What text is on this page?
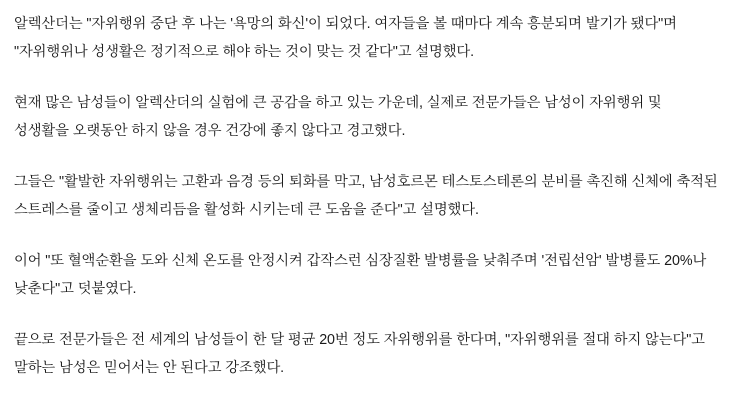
알렉산더는 "자위행위 중단 후 나는 '욕망의 화신'이 되었다. 여자들을 볼 때마다 계속 흥분되며 발기가 됐다"며 "자위행위나 성생활은 정기적으로 해야 하는 것이 맞는 것 같다"고 설명했다.

현재 많은 남성들이 알렉산더의 실험에 큰 공감을 하고 있는 가운데, 실제로 전문가들은 남성이 자위행위 및 성생활을 오랫동안 하지 않을 경우 건강에 좋지 않다고 경고했다.

그들은 "활발한 자위행위는 고환과 음경 등의 퇴화를 막고, 남성호르몬 테스토스테론의 분비를 촉진해 신체에 축적된 스트레스를 줄이고 생체리듬을 활성화 시키는데 큰 도움을 준다"고 설명했다.

이어 "또 혈액순환을 도와 신체 온도를 안정시켜 갑작스런 심장질환 발병률을 낮춰주며 '전립선암' 발병률도 20%나 낮춘다"고 덧붙였다.

끝으로 전문가들은 전 세계의 남성들이 한 달 평균 20번 정도 자위행위를 한다며, "자위행위를 절대 하지 않는다"고 말하는 남성은 믿어서는 안 된다고 강조했다.
